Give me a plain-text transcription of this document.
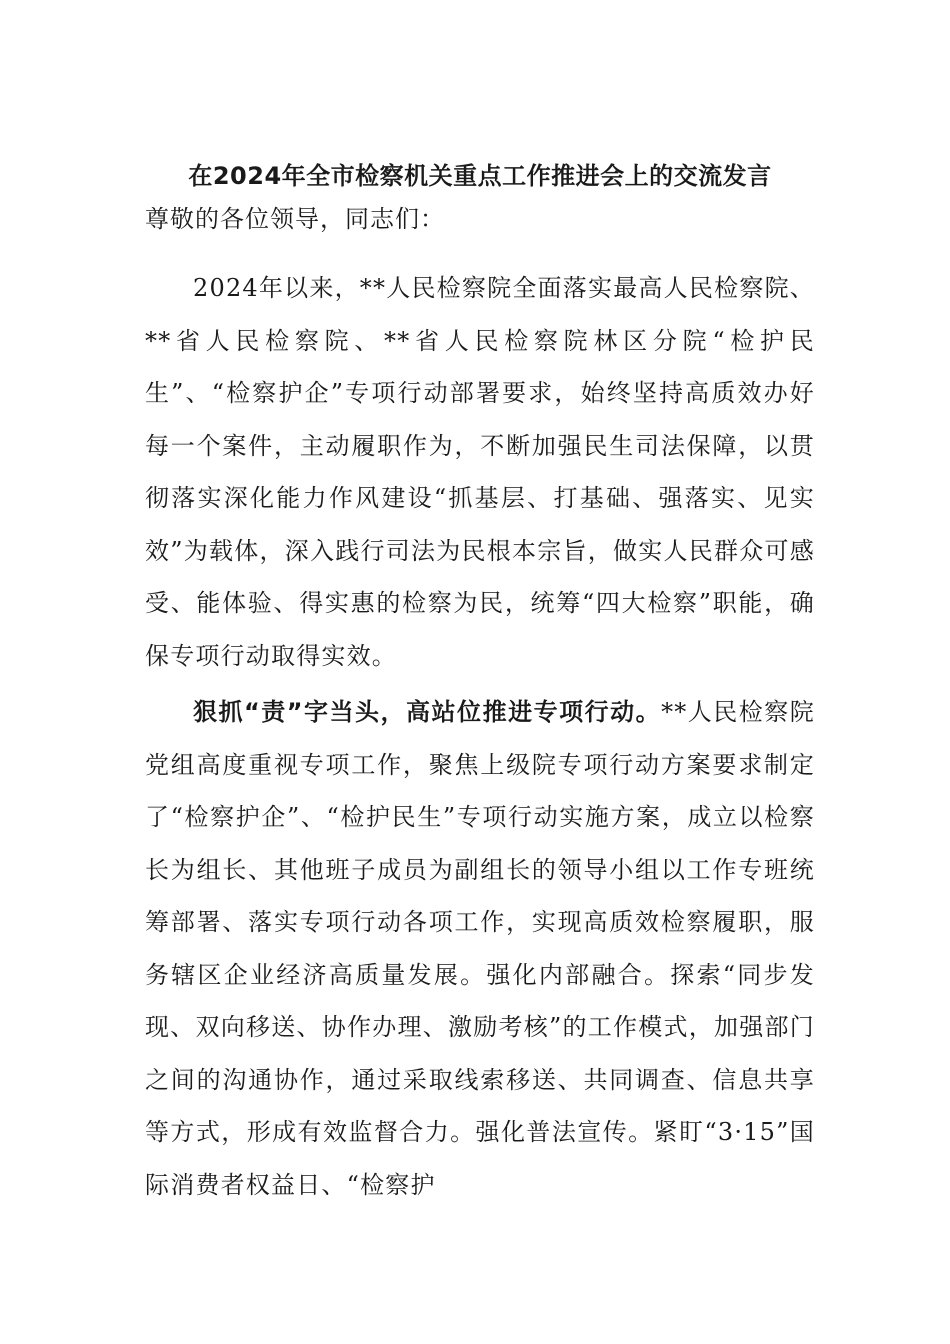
在2024年全市检察机关重点工作推进会上的交流发言
尊敬的各位领导，同志们：

2024年以来，**人民检察院全面落实最高人民检察院、**省人民检察院、**省人民检察院林区分院“检护民生”、“检察护企”专项行动部署要求，始终坚持高质效办好每一个案件，主动履职作为，不断加强民生司法保障，以贯彻落实深化能力作风建设“抓基层、打基础、强落实、见实效”为载体，深入践行司法为民根本宗旨，做实人民群众可感受、能体验、得实惠的检察为民，统筹“四大检察”职能，确保专项行动取得实效。

狠抓“责”字当头，高站位推进专项行动。**人民检察院党组高度重视专项工作，聚焦上级院专项行动方案要求制定了“检察护企”、“检护民生”专项行动实施方案，成立以检察长为组长、其他班子成员为副组长的领导小组以工作专班统筹部署、落实专项行动各项工作，实现高质效检察履职，服务辖区企业经济高质量发展。强化内部融合。探索“同步发现、双向移送、协作办理、激励考核”的工作模式，加强部门之间的沟通协作，通过采取线索移送、共同调查、信息共享等方式，形成有效监督合力。强化普法宣传。紧盯“3·15”国际消费者权益日、“检察护
